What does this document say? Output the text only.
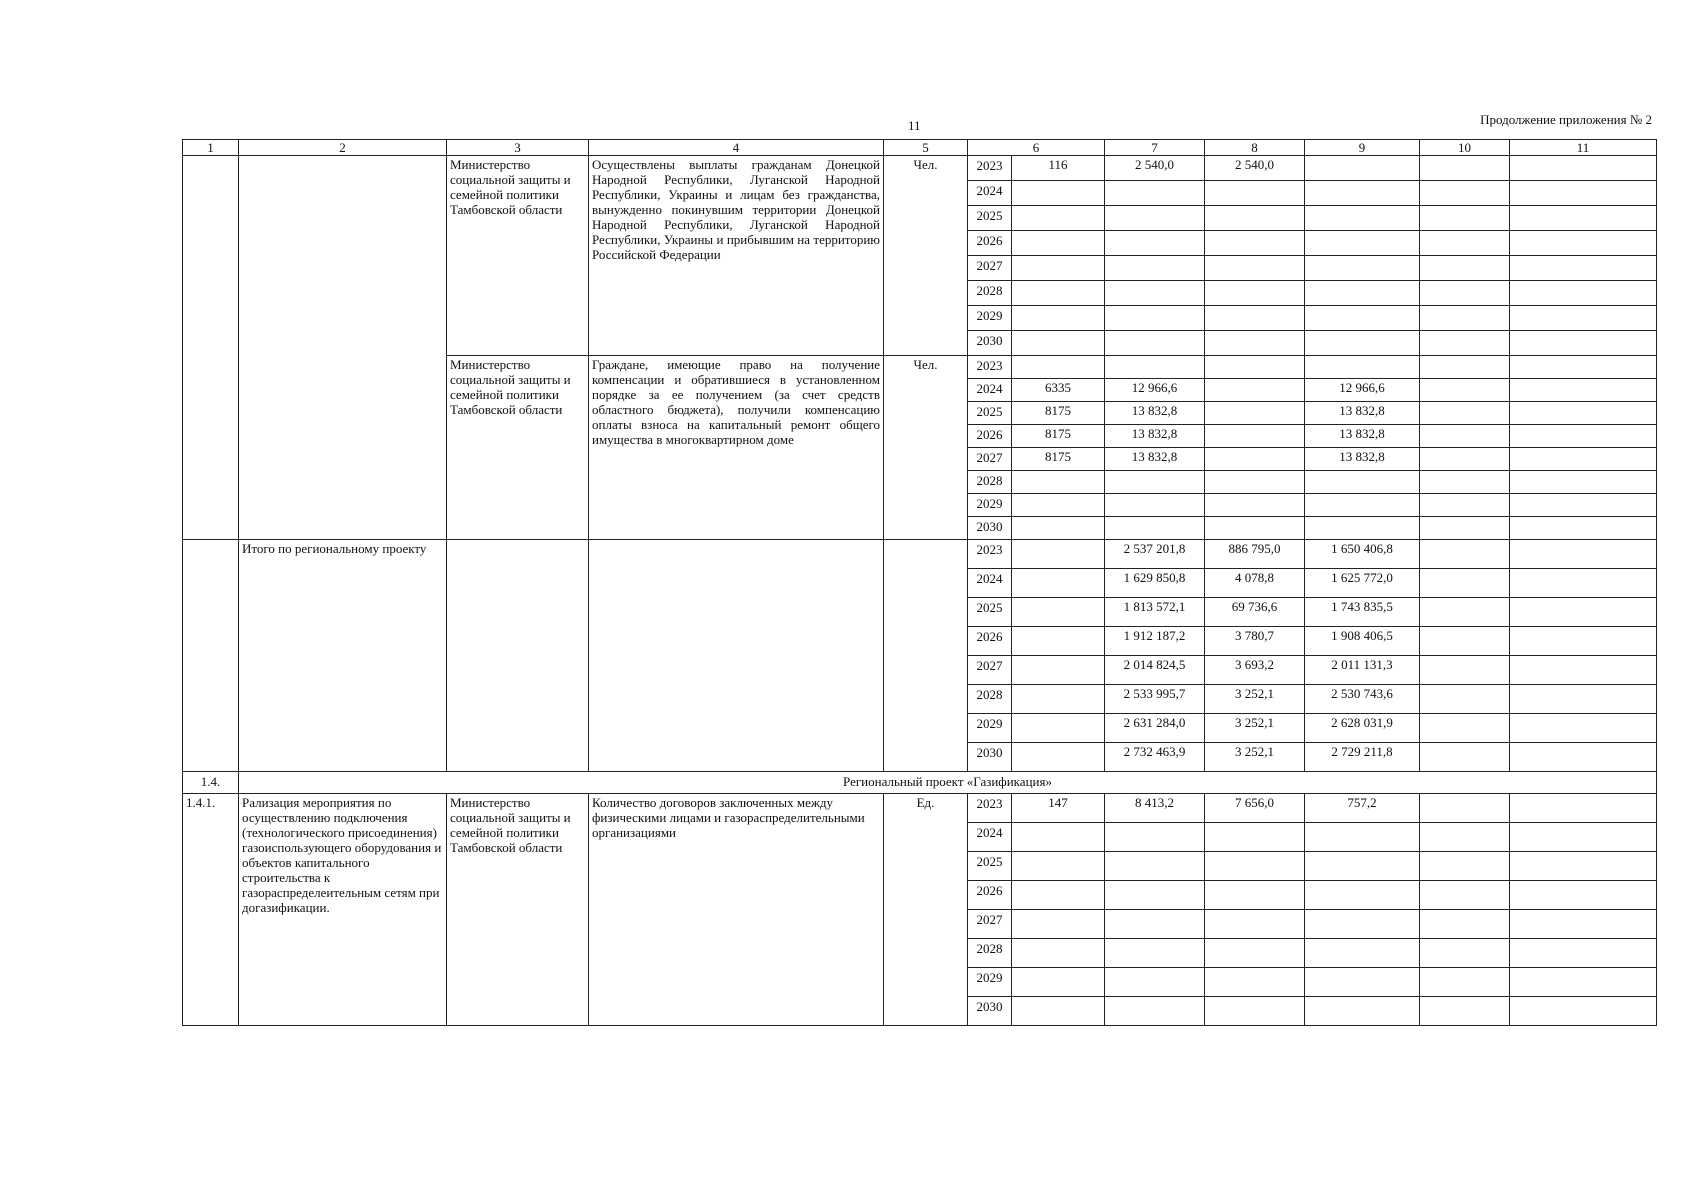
11	Продолжение приложения № 2
1	2	3	4	5	6		7	8	9	10	11
		Министерство социальной защиты и семейной политики Тамбовской области	Осуществлены выплаты гражданам Донецкой Народной Республики, Луганской Народной Республики, Украины и лицам без гражданства, вынужденно покинувшим территории Донецкой Народной Республики, Луганской Народной Республики, Украины и прибывшим на территорию Российской Федерации	Чел.	2023	116	2 540,0	2 540,0			
					2024						
					2025						
					2026						
					2027						
					2028						
					2029						
					2030						
		Министерство социальной защиты и семейной политики Тамбовской области	Граждане, имеющие право на получение компенсации и обратившиеся в установленном порядке за ее получением (за счет средств областного бюджета), получили компенсацию оплаты взноса на капитальный ремонт общего имущества в многоквартирном доме	Чел.	2023						
					2024	6335	12 966,6		12 966,6		
					2025	8175	13 832,8		13 832,8		
					2026	8175	13 832,8		13 832,8		
					2027	8175	13 832,8		13 832,8		
					2028						
					2029						
					2030						
	Итого по региональному проекту				2023		2 537 201,8	886 795,0	1 650 406,8		
					2024		1 629 850,8	4 078,8	1 625 772,0		
					2025		1 813 572,1	69 736,6	1 743 835,5		
					2026		1 912 187,2	3 780,7	1 908 406,5		
					2027		2 014 824,5	3 693,2	2 011 131,3		
					2028		2 533 995,7	3 252,1	2 530 743,6		
					2029		2 631 284,0	3 252,1	2 628 031,9		
					2030		2 732 463,9	3 252,1	2 729 211,8		
1.4.	Региональный проект «Газификация»										
1.4.1.	Рализация мероприятия по осуществлению подключения (технологического присоединения) газоиспользующего оборудования и объектов капитального строительства к газораспределеительным сетям при догазификации.	Министерство социальной защиты и семейной политики Тамбовской области	Количество договоров заключенных между физическими лицами и газораспределительными организациями	Ед.	2023	147	8 413,2	7 656,0	757,2		
					2024						
					2025						
					2026						
					2027						
					2028						
					2029						
					2030						
